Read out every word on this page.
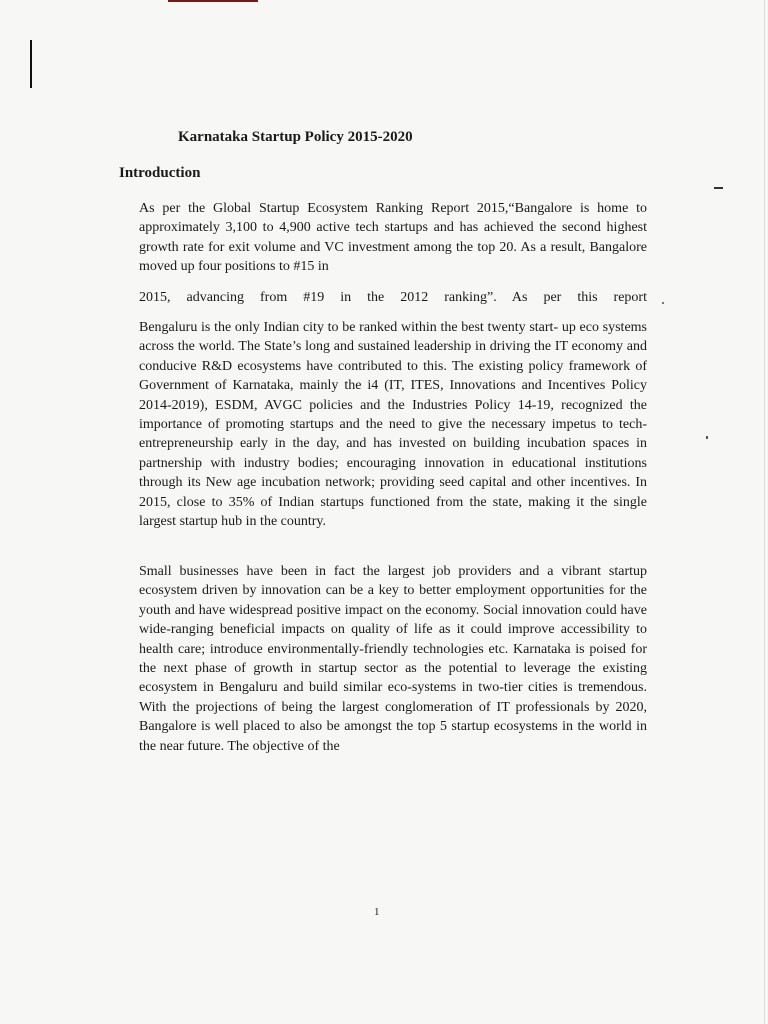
Karnataka Startup Policy 2015-2020
Introduction

As per the Global Startup Ecosystem Ranking Report 2015,“Bangalore is home to approximately 3,100 to 4,900 active tech startups and has achieved the second highest growth rate for exit volume and VC investment among the top 20. As a result, Bangalore moved up four positions to #15 in

2015, advancing from #19 in the 2012 ranking”. As per this report

Bengaluru is the only Indian city to be ranked within the best twenty start- up eco systems across the world. The State’s long and sustained leadership in driving the IT economy and conducive R&D ecosystems have contributed to this. The existing policy framework of Government of Karnataka, mainly the i4 (IT, ITES, Innovations and Incentives Policy 2014-2019), ESDM, AVGC policies and the Industries Policy 14-19, recognized the importance of promoting startups and the need to give the necessary impetus to tech- entrepreneurship early in the day, and has invested on building incubation spaces in partnership with industry bodies; encouraging innovation in educational institutions through its New age incubation network; providing seed capital and other incentives. In 2015, close to 35% of Indian startups functioned from the state, making it the single largest startup hub in the country.

Small businesses have been in fact the largest job providers and a vibrant startup ecosystem driven by innovation can be a key to better employment opportunities for the youth and have widespread positive impact on the economy. Social innovation could have wide-ranging beneficial impacts on quality of life as it could improve accessibility to health care; introduce environmentally-friendly technologies etc. Karnataka is poised for the next phase of growth in startup sector as the potential to leverage the existing ecosystem in Bengaluru and build similar eco-systems in two-tier cities is tremendous. With the projections of being the largest conglomeration of IT professionals by 2020, Bangalore is well placed to also be amongst the top 5 startup ecosystems in the world in the near future. The objective of the

1
